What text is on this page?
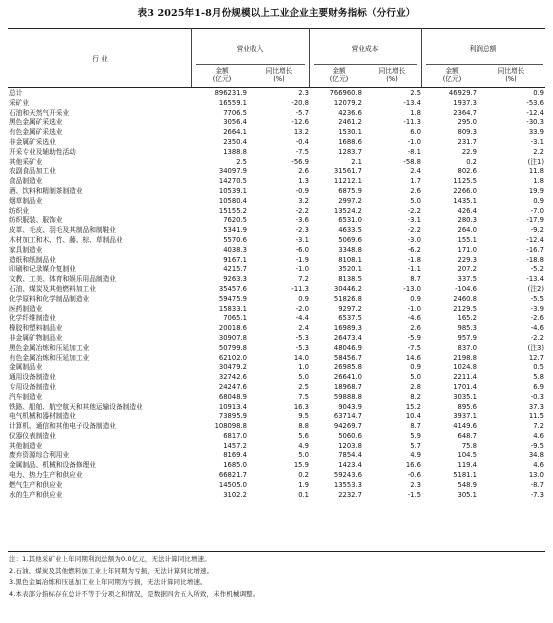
表3 2025年1-8月份规模以上工业企业主要财务指标（分行业）
行 业
营业收入	营业成本	利润总额
金额
(亿元)
同比增长
(%)
金额
(亿元)
同比增长
(%)
金额
(亿元)
同比增长
(%)
总计	896231.9	2.3	766960.8	2.5	46929.7	0.9
采矿业	16559.1	-20.8	12079.2	-13.4	1937.3	-53.6
石油和天然气开采业	7706.5	-5.7	4236.6	1.8	2364.7	-12.4
黑色金属矿采选业	3056.4	-12.6	2461.2	-11.3	295.0	-30.3
有色金属矿采选业	2664.1	13.2	1530.1	6.0	809.3	33.9
非金属矿采选业	2350.4	-0.4	1688.6	-1.0	231.7	-3.1
开采专业及辅助性活动	1388.8	-7.5	1283.7	-8.1	22.9	2.2
其他采矿业	2.5	-56.9	2.1	-58.8	0.2	(注1)
农副食品加工业	34097.9	2.6	31561.7	2.4	802.6	11.8
食品制造业	14270.5	1.3	11212.1	1.7	1125.5	1.8
酒、饮料和精制茶制造业	10539.1	-0.9	6875.9	2.6	2266.0	19.9
烟草制品业	10580.4	3.2	2997.2	5.0	1435.1	0.9
纺织业	15155.2	-2.2	13524.2	-2.2	426.4	-7.0
纺织服装、服饰业	7620.5	-3.6	6531.0	-3.1	280.3	-17.9
皮革、毛皮、羽毛及其制品和制鞋业	5341.9	-2.3	4633.5	-2.2	264.0	-9.2
木材加工和木、竹、藤、棕、草制品业	5570.6	-3.1	5069.6	-3.0	155.1	-12.4
家具制造业	4038.3	-6.0	3348.8	-6.2	171.0	-16.7
造纸和纸制品业	9167.1	-1.9	8108.1	-1.8	229.3	-18.8
印刷和记录媒介复制业	4215.7	-1.0	3520.1	-1.1	207.2	-5.2
文教、工美、体育和娱乐用品制造业	9263.3	7.2	8138.5	8.7	337.5	-13.4
石油、煤炭及其他燃料加工业	35457.6	-11.3	30446.2	-13.0	-104.6	(注2)
化学原料和化学制品制造业	59475.9	0.9	51826.8	0.9	2460.8	-5.5
医药制造业	15833.1	-2.0	9297.2	-1.0	2129.5	-3.9
化学纤维制造业	7065.1	-4.4	6537.5	-4.6	165.2	-2.6
橡胶和塑料制品业	20018.6	2.4	16989.3	2.6	985.3	-4.6
非金属矿物制品业	30907.8	-5.3	26473.4	-5.9	957.9	-2.2
黑色金属冶炼和压延加工业	50799.8	-5.3	48046.9	-7.5	837.0	(注3)
有色金属冶炼和压延加工业	62102.0	14.0	58456.7	14.6	2198.8	12.7
金属制品业	30479.2	1.0	26985.8	0.9	1024.8	0.5
通用设备制造业	32742.6	5.0	26641.0	5.0	2211.4	5.8
专用设备制造业	24247.6	2.5	18968.7	2.8	1701.4	6.9
汽车制造业	68048.9	7.5	59888.8	8.2	3035.1	-0.3
铁路、船舶、航空航天和其他运输设备制造业	10913.4	16.3	9043.9	15.2	895.6	37.3
电气机械和器材制造业	73895.9	9.5	63714.7	10.4	3937.1	11.5
计算机、通信和其他电子设备制造业	108098.8	8.8	94269.7	8.7	4149.6	7.2
仪器仪表制造业	6817.0	5.6	5060.6	5.9	648.7	4.6
其他制造业	1457.2	4.9	1203.8	5.7	75.8	-9.5
废弃资源综合利用业	8169.4	5.0	7854.4	4.9	104.5	34.8
金属制品、机械和设备修理业	1685.0	15.9	1423.4	16.6	119.4	4.6
电力、热力生产和供应业	66821.7	0.2	59243.6	-0.6	5181.1	13.0
燃气生产和供应业	14505.0	1.9	13553.3	2.3	548.9	-8.7
水的生产和供应业	3102.2	0.1	2232.7	-1.5	305.1	-7.3
注：1.其他采矿业上年同期利润总额为0.0亿元，无法计算同比增速。
2.石油、煤炭及其他燃料加工业上年同期为亏损，无法计算同比增速。
3.黑色金属冶炼和压延加工业上年同期为亏损，无法计算同比增速。
4.本表部分指标存在总计不等于分项之和情况，是数据四舍五入所致，未作机械调整。
